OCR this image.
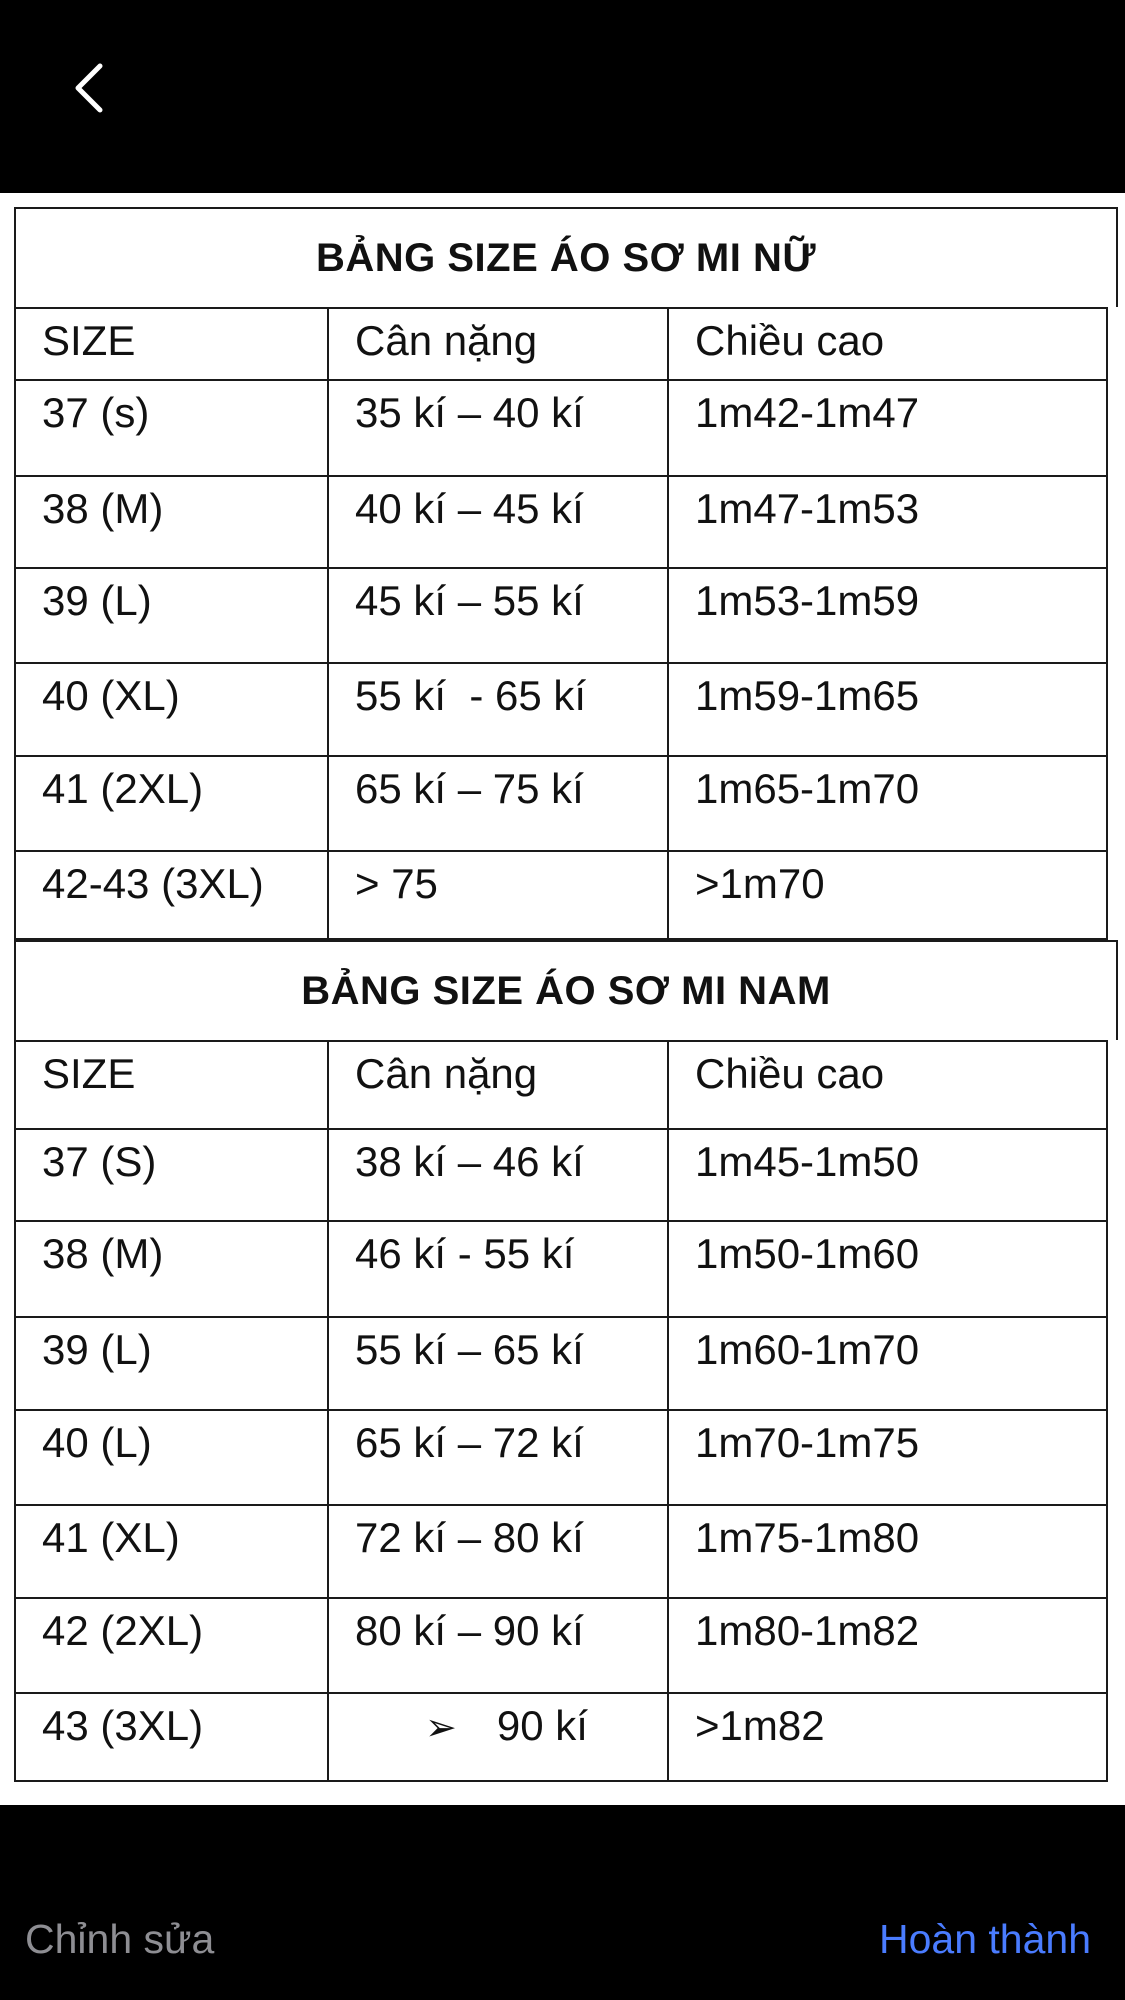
BẢNG SIZE ÁO SƠ MI NỮ
SIZE	Cân nặng	Chiều cao

37 (s)	35 kí – 40 kí	1m42-1m47

38 (M)	40 kí – 45 kí	1m47-1m53

39 (L)	45 kí – 55 kí	1m53-1m59

40 (XL)	55 kí  - 65 kí	1m59-1m65

41 (2XL)	65 kí – 75 kí	1m65-1m70

42-43 (3XL)	> 75	>1m70
BẢNG SIZE ÁO SƠ MI NAM
SIZE	Cân nặng	Chiều cao

37 (S)	38 kí – 46 kí	1m45-1m50

38 (M)	46 kí - 55 kí	1m50-1m60

39 (L)	55 kí – 65 kí	1m60-1m70

40 (L)	65 kí – 72 kí	1m70-1m75

41 (XL)	72 kí – 80 kí	1m75-1m80

42 (2XL)	80 kí – 90 kí	1m80-1m82

43 (3XL)	➢ 90 kí	>1m82
Chỉnh sửa	Hoàn thành
